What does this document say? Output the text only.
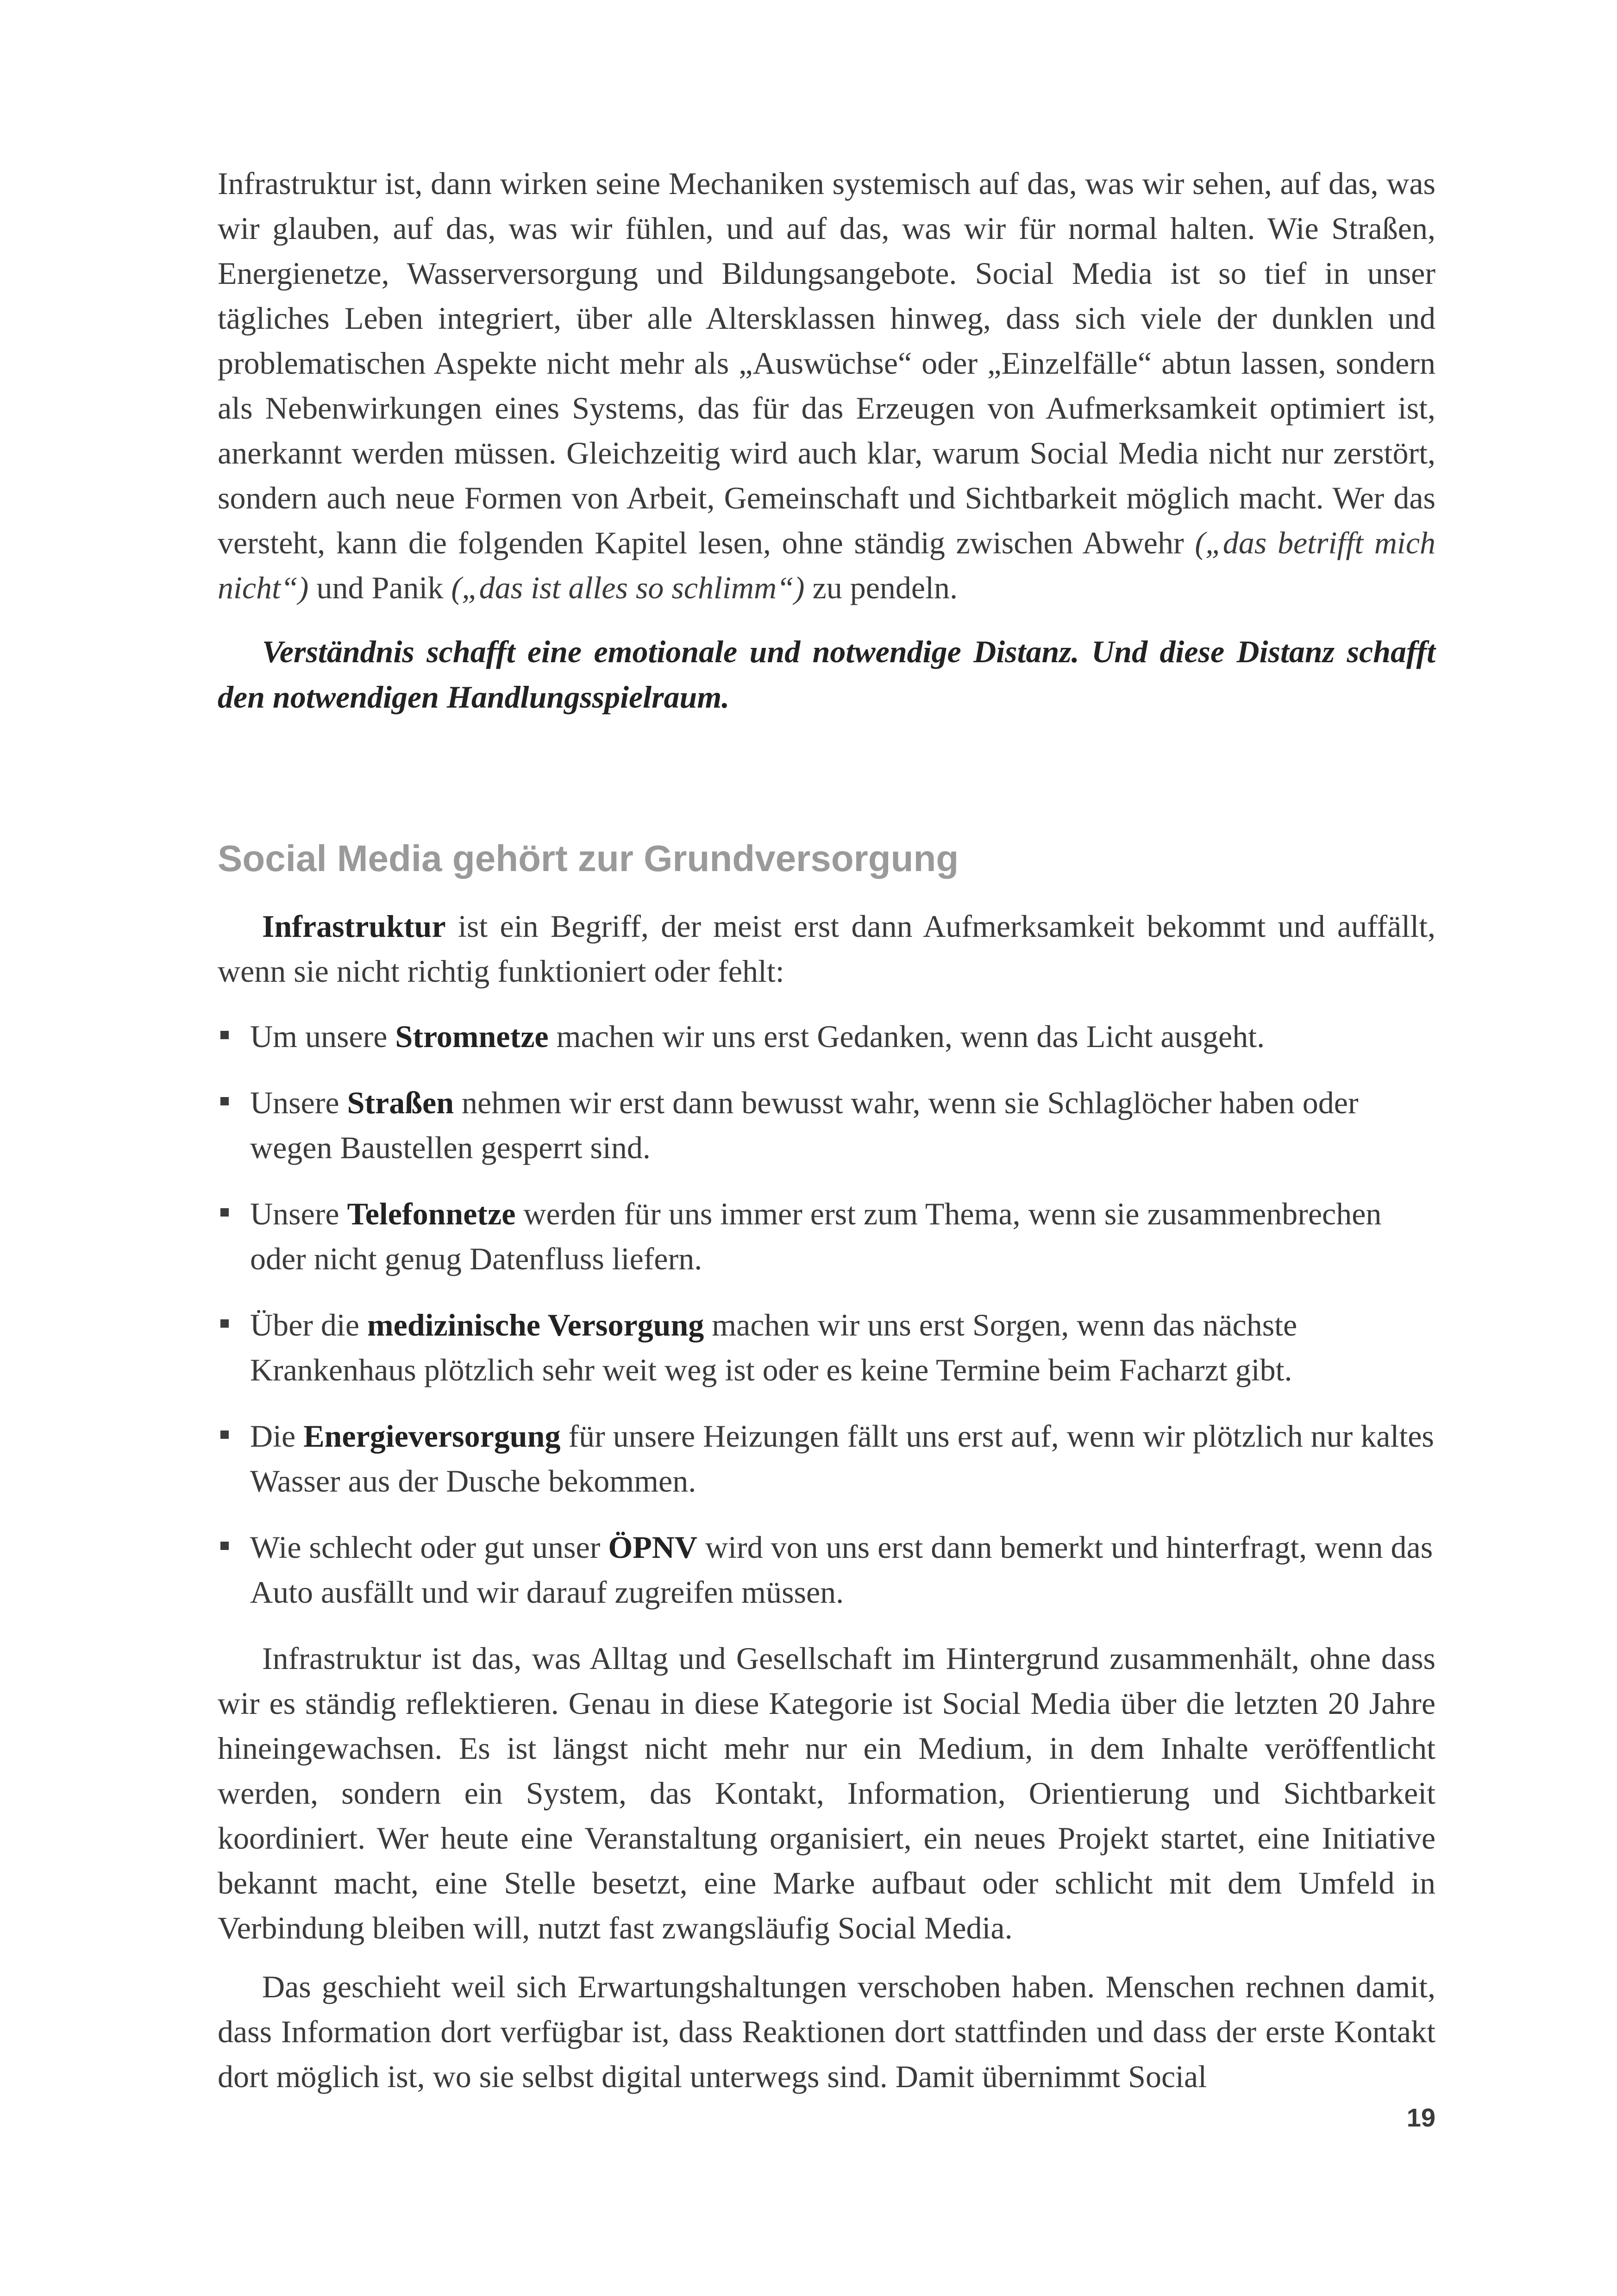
Infrastruktur ist, dann wirken seine Mechaniken systemisch auf das, was wir sehen, auf das, was wir glauben, auf das, was wir fühlen, und auf das, was wir für normal halten. Wie Straßen, Energienetze, Wasserversorgung und Bildungsangebote. Social Media ist so tief in unser tägliches Leben integriert, über alle Altersklassen hinweg, dass sich viele der dunklen und problematischen Aspekte nicht mehr als „Auswüchse“ oder „Einzelfälle“ abtun lassen, sondern als Nebenwirkungen eines Systems, das für das Erzeugen von Aufmerksamkeit optimiert ist, anerkannt werden müssen. Gleichzeitig wird auch klar, warum Social Media nicht nur zerstört, sondern auch neue Formen von Arbeit, Gemeinschaft und Sichtbarkeit möglich macht. Wer das versteht, kann die folgenden Kapitel lesen, ohne ständig zwischen Abwehr („das betrifft mich nicht“) und Panik („das ist alles so schlimm“) zu pendeln.

Verständnis schafft eine emotionale und notwendige Distanz. Und diese Distanz schafft den notwendigen Handlungsspielraum.

Social Media gehört zur Grundversorgung

Infrastruktur ist ein Begriff, der meist erst dann Aufmerksamkeit bekommt und auffällt, wenn sie nicht richtig funktioniert oder fehlt:

Um unsere Stromnetze machen wir uns erst Gedanken, wenn das Licht ausgeht.
Unsere Straßen nehmen wir erst dann bewusst wahr, wenn sie Schlaglöcher haben oder wegen Baustellen gesperrt sind.
Unsere Telefonnetze werden für uns immer erst zum Thema, wenn sie zusammenbrechen oder nicht genug Datenfluss liefern.
Über die medizinische Versorgung machen wir uns erst Sorgen, wenn das nächste Krankenhaus plötzlich sehr weit weg ist oder es keine Termine beim Facharzt gibt.
Die Energieversorgung für unsere Heizungen fällt uns erst auf, wenn wir plötzlich nur kaltes Wasser aus der Dusche bekommen.
Wie schlecht oder gut unser ÖPNV wird von uns erst dann bemerkt und hinterfragt, wenn das Auto ausfällt und wir darauf zugreifen müssen.

Infrastruktur ist das, was Alltag und Gesellschaft im Hintergrund zusammenhält, ohne dass wir es ständig reflektieren. Genau in diese Kategorie ist Social Media über die letzten 20 Jahre hineingewachsen. Es ist längst nicht mehr nur ein Medium, in dem Inhalte veröffentlicht werden, sondern ein System, das Kontakt, Information, Orientierung und Sichtbarkeit koordiniert. Wer heute eine Veranstaltung organisiert, ein neues Projekt startet, eine Initiative bekannt macht, eine Stelle besetzt, eine Marke aufbaut oder schlicht mit dem Umfeld in Verbindung bleiben will, nutzt fast zwangsläufig Social Media.

Das geschieht weil sich Erwartungshaltungen verschoben haben. Menschen rechnen damit, dass Information dort verfügbar ist, dass Reaktionen dort stattfinden und dass der erste Kontakt dort möglich ist, wo sie selbst digital unterwegs sind. Damit übernimmt Social

19
